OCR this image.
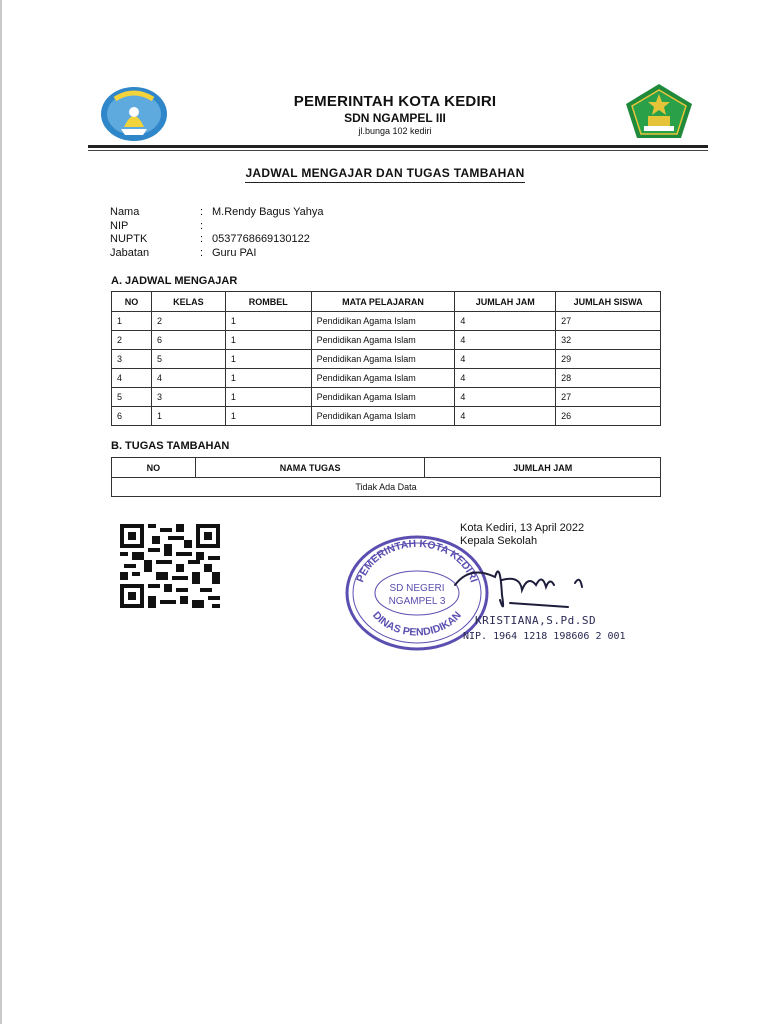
PEMERINTAH KOTA KEDIRI
SDN NGAMPEL III
jl.bunga 102 kediri
JADWAL MENGAJAR DAN TUGAS TAMBAHAN
Nama	: M.Rendy Bagus Yahya
NIP	:
NUPTK	: 0537768669130122
Jabatan	: Guru PAI
A. JADWAL MENGAJAR
NO	KELAS	ROMBEL	MATA PELAJARAN	JUMLAH JAM	JUMLAH SISWA
1	2	1	Pendidikan Agama Islam	4	27
2	6	1	Pendidikan Agama Islam	4	32
3	5	1	Pendidikan Agama Islam	4	29
4	4	1	Pendidikan Agama Islam	4	28
5	3	1	Pendidikan Agama Islam	4	27
6	1	1	Pendidikan Agama Islam	4	26
B. TUGAS TAMBAHAN
NO	NAMA TUGAS	JUMLAH JAM
Tidak Ada Data
Kota Kediri, 13 April 2022
Kepala Sekolah
PEMERINTAH KOTA KEDIRI
DINAS PENDIDIKAN
SD NEGERI
NGAMPEL 3
KRISTIANA,S.Pd.SD
NIP. 1964 1218 198606 2 001
